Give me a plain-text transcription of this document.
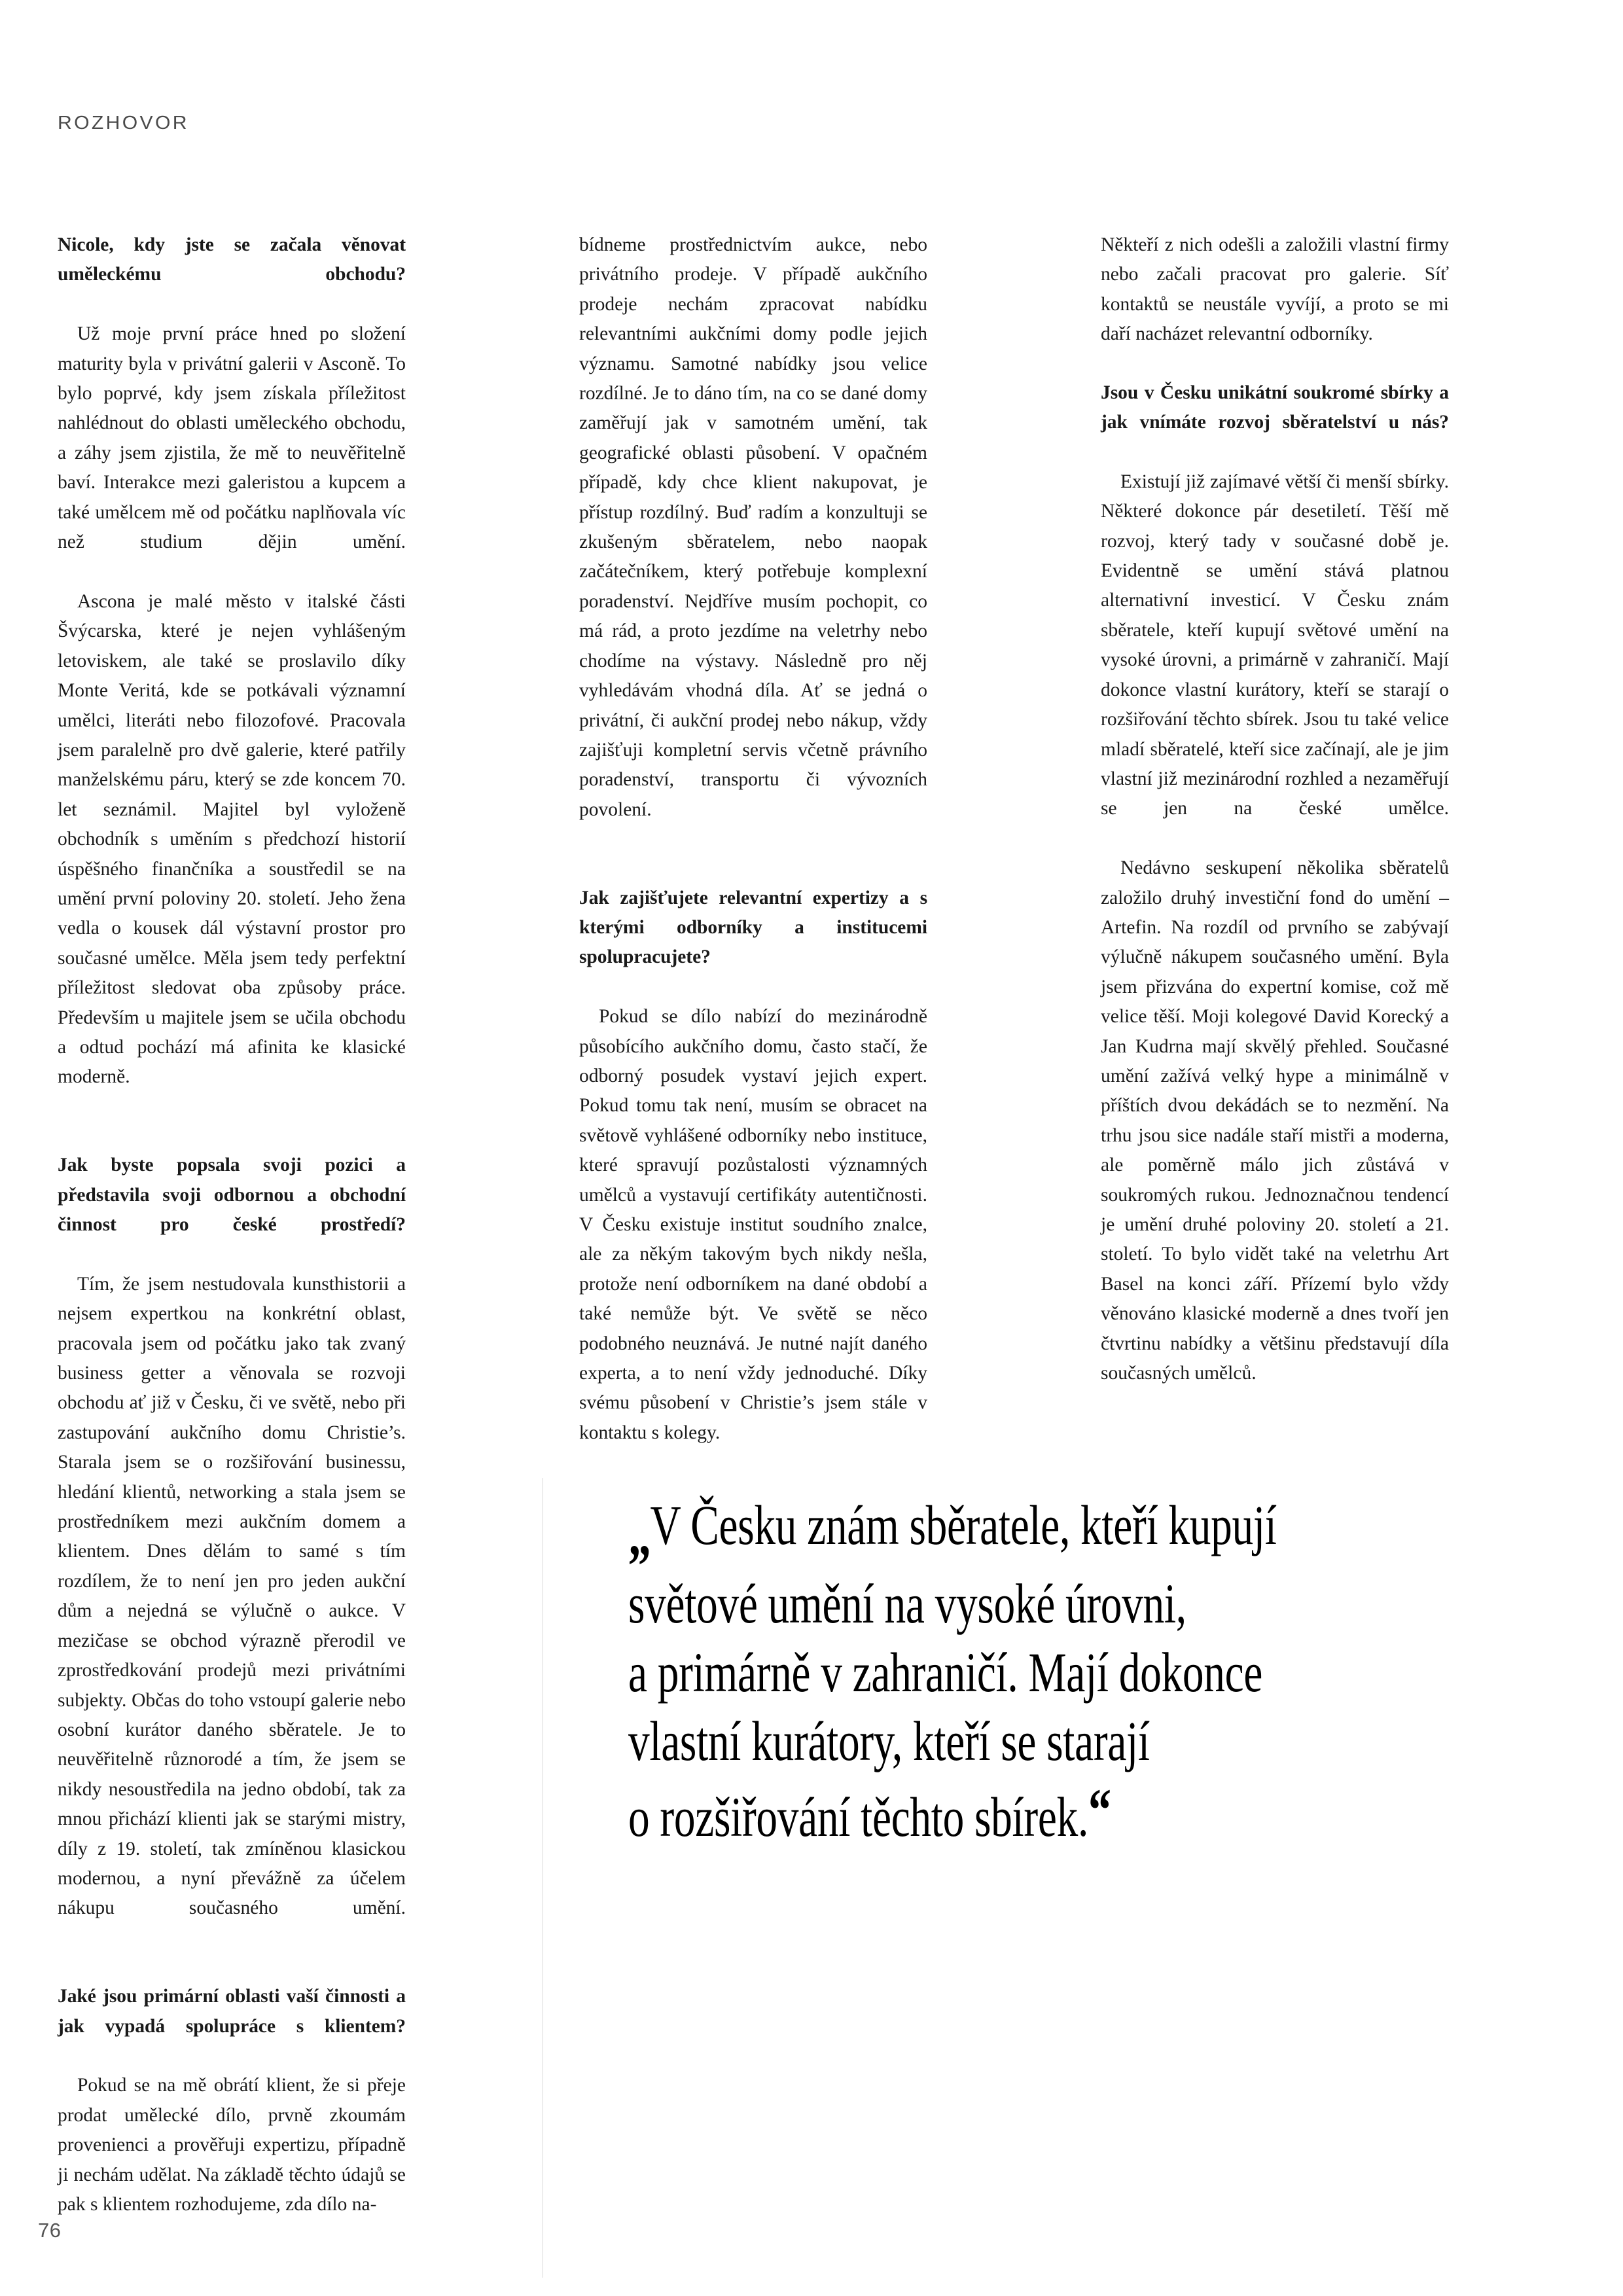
ROZHOVOR

Nicole, kdy jste se začala věnovat uměleckému obchodu?

Už moje první práce hned po složení maturity byla v privátní galerii v Asconě. To bylo poprvé, kdy jsem získala příležitost nahlédnout do oblasti uměleckého obchodu, a záhy jsem zjistila, že mě to neuvěřitelně baví. Interakce mezi galeristou a kupcem a také umělcem mě od počátku naplňovala víc než studium dějin umění.

Ascona je malé město v italské části Švýcarska, které je nejen vyhlášeným letoviskem, ale také se proslavilo díky Monte Veritá, kde se potkávali významní umělci, literáti nebo filozofové. Pracovala jsem paralelně pro dvě galerie, které patřily manželskému páru, který se zde koncem 70. let seznámil. Majitel byl vyloženě obchodník s uměním s předchozí historií úspěšného finančníka a soustředil se na umění první poloviny 20. století. Jeho žena vedla o kousek dál výstavní prostor pro současné umělce. Měla jsem tedy perfektní příležitost sledovat oba způsoby práce. Především u majitele jsem se učila obchodu a odtud pochází má afinita ke klasické moderně.

Jak byste popsala svoji pozici a představila svoji odbornou a obchodní činnost pro české prostředí?

Tím, že jsem nestudovala kunsthistorii a nejsem expertkou na konkrétní oblast, pracovala jsem od počátku jako tak zvaný business getter a věnovala se rozvoji obchodu ať již v Česku, či ve světě, nebo při zastupování aukčního domu Christie’s. Starala jsem se o rozšiřování businessu, hledání klientů, networking a stala jsem se prostředníkem mezi aukčním domem a klientem. Dnes dělám to samé s tím rozdílem, že to není jen pro jeden aukční dům a nejedná se výlučně o aukce. V mezičase se obchod výrazně přerodil ve zprostředkování prodejů mezi privátními subjekty. Občas do toho vstoupí galerie nebo osobní kurátor daného sběratele. Je to neuvěřitelně různorodé a tím, že jsem se nikdy nesoustředila na jedno období, tak za mnou přichází klienti jak se starými mistry, díly z 19. století, tak zmíněnou klasickou modernou, a nyní převážně za účelem nákupu současného umění.

Jaké jsou primární oblasti vaší činnosti a jak vypadá spolupráce s klientem?

Pokud se na mě obrátí klient, že si přeje prodat umělecké dílo, prvně zkoumám provenienci a prověřuji expertizu, případně ji nechám udělat. Na základě těchto údajů se pak s klientem rozhodujeme, zda dílo na-

bídneme prostřednictvím aukce, nebo privátního prodeje. V případě aukčního prodeje nechám zpracovat nabídku relevantními aukčními domy podle jejich významu. Samotné nabídky jsou velice rozdílné. Je to dáno tím, na co se dané domy zaměřují jak v samotném umění, tak geografické oblasti působení. V opačném případě, kdy chce klient nakupovat, je přístup rozdílný. Buď radím a konzultuji se zkušeným sběratelem, nebo naopak začátečníkem, který potřebuje komplexní poradenství. Nejdříve musím pochopit, co má rád, a proto jezdíme na veletrhy nebo chodíme na výstavy. Následně pro něj vyhledávám vhodná díla. Ať se jedná o privátní, či aukční prodej nebo nákup, vždy zajišťuji kompletní servis včetně právního poradenství, transportu či vývozních povolení.

Jak zajišťujete relevantní expertizy a s kterými odborníky a institucemi spolupracujete?

Pokud se dílo nabízí do mezinárodně působícího aukčního domu, často stačí, že odborný posudek vystaví jejich expert. Pokud tomu tak není, musím se obracet na světově vyhlášené odborníky nebo instituce, které spravují pozůstalosti významných umělců a vystavují certifikáty autentičnosti. V Česku existuje institut soudního znalce, ale za někým takovým bych nikdy nešla, protože není odborníkem na dané období a také nemůže být. Ve světě se něco podobného neuznává. Je nutné najít daného experta, a to není vždy jednoduché. Díky svému působení v Christie’s jsem stále v kontaktu s kolegy.

Někteří z nich odešli a založili vlastní firmy nebo začali pracovat pro galerie. Síť kontaktů se neustále vyvíjí, a proto se mi daří nacházet relevantní odborníky.

Jsou v Česku unikátní soukromé sbírky a jak vnímáte rozvoj sběratelství u nás?

Existují již zajímavé větší či menší sbírky. Některé dokonce pár desetiletí. Těší mě rozvoj, který tady v současné době je. Evidentně se umění stává platnou alternativní investicí. V Česku znám sběratele, kteří kupují světové umění na vysoké úrovni, a primárně v zahraničí. Mají dokonce vlastní kurátory, kteří se starají o rozšiřování těchto sbírek. Jsou tu také velice mladí sběratelé, kteří sice začínají, ale je jim vlastní již mezinárodní rozhled a nezaměřují se jen na české umělce.

Nedávno seskupení několika sběratelů založilo druhý investiční fond do umění – Artefin. Na rozdíl od prvního se zabývají výlučně nákupem současného umění. Byla jsem přizvána do expertní komise, což mě velice těší. Moji kolegové David Korecký a Jan Kudrna mají skvělý přehled. Současné umění zažívá velký hype a minimálně v příštích dvou dekádách se to nezmění. Na trhu jsou sice nadále staří mistři a moderna, ale poměrně málo jich zůstává v soukromých rukou. Jednoznačnou tendencí je umění druhé poloviny 20. století a 21. století. To bylo vidět také na veletrhu Art Basel na konci září. Přízemí bylo vždy věnováno klasické moderně a dnes tvoří jen čtvrtinu nabídky a většinu představují díla současných umělců.

„V Česku znám sběratele, kteří kupují
světové umění na vysoké úrovni,
a primárně v zahraničí. Mají dokonce
vlastní kurátory, kteří se starají
o rozšiřování těchto sbírek.“
76
